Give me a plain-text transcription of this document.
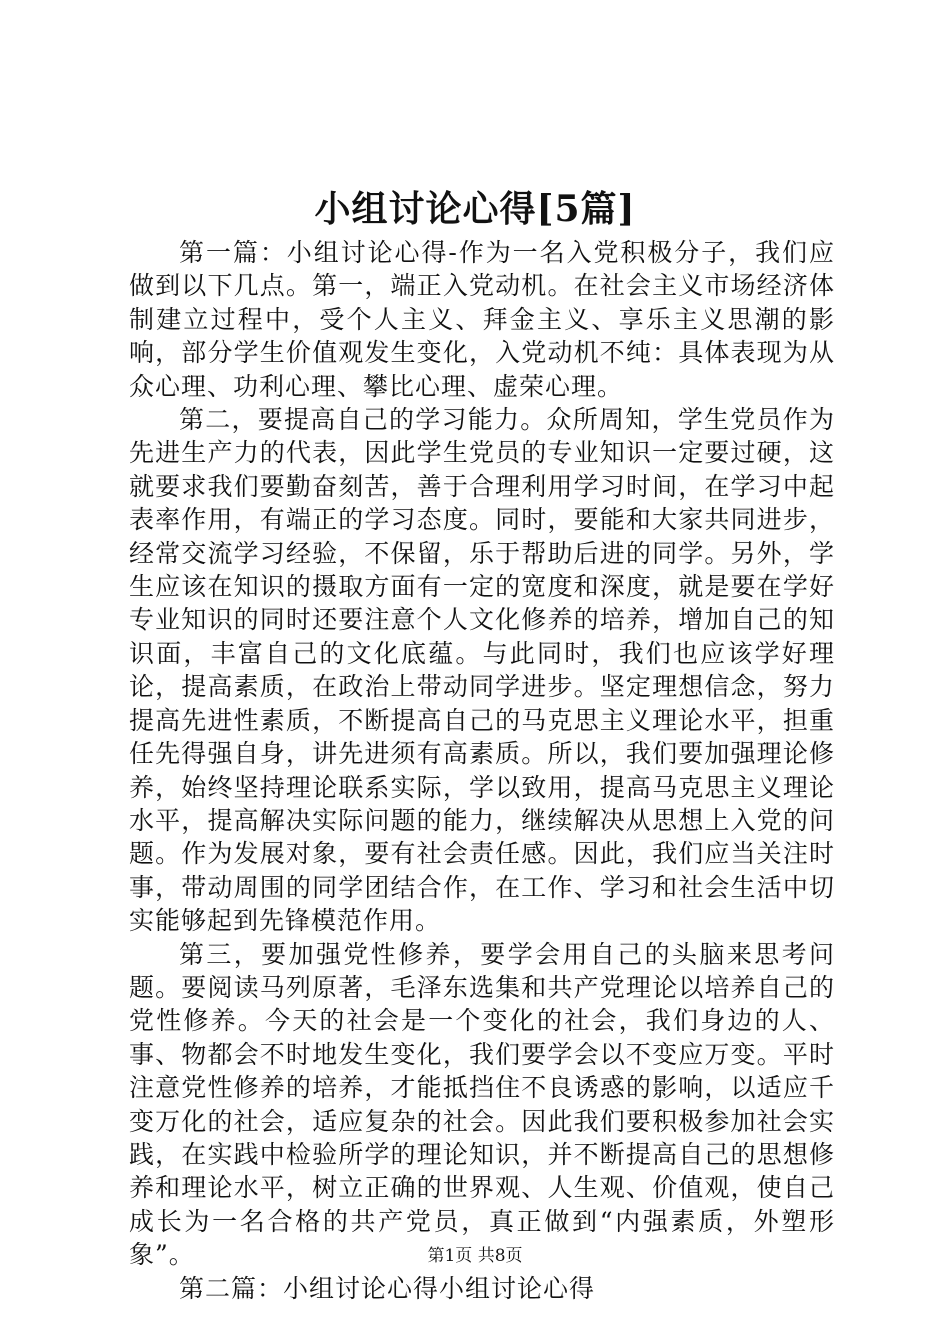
小组讨论心得[5篇]

第一篇：小组讨论心得-作为一名入党积极分子，我们应做到以下几点。第一，端正入党动机。在社会主义市场经济体制建立过程中，受个人主义、拜金主义、享乐主义思潮的影响，部分学生价值观发生变化，入党动机不纯：具体表现为从众心理、功利心理、攀比心理、虚荣心理。

第二，要提高自己的学习能力。众所周知，学生党员作为先进生产力的代表，因此学生党员的专业知识一定要过硬，这就要求我们要勤奋刻苦，善于合理利用学习时间，在学习中起表率作用，有端正的学习态度。同时，要能和大家共同进步，经常交流学习经验，不保留，乐于帮助后进的同学。另外，学生应该在知识的摄取方面有一定的宽度和深度，就是要在学好专业知识的同时还要注意个人文化修养的培养，增加自己的知识面，丰富自己的文化底蕴。与此同时，我们也应该学好理论，提高素质，在政治上带动同学进步。坚定理想信念，努力提高先进性素质，不断提高自己的马克思主义理论水平，担重任先得强自身，讲先进须有高素质。所以，我们要加强理论修养，始终坚持理论联系实际，学以致用，提高马克思主义理论水平，提高解决实际问题的能力，继续解决从思想上入党的问题。作为发展对象，要有社会责任感。因此，我们应当关注时事，带动周围的同学团结合作，在工作、学习和社会生活中切实能够起到先锋模范作用。

第三，要加强党性修养，要学会用自己的头脑来思考问题。要阅读马列原著，毛泽东选集和共产党理论以培养自己的党性修养。今天的社会是一个变化的社会，我们身边的人、事、物都会不时地发生变化，我们要学会以不变应万变。平时注意党性修养的培养，才能抵挡住不良诱惑的影响，以适应千变万化的社会，适应复杂的社会。因此我们要积极参加社会实践，在实践中检验所学的理论知识，并不断提高自己的思想修养和理论水平，树立正确的世界观、人生观、价值观，使自己成长为一名合格的共产党员，真正做到“内强素质，外塑形象”。

第二篇：小组讨论心得小组讨论心得

第1页 共8页
